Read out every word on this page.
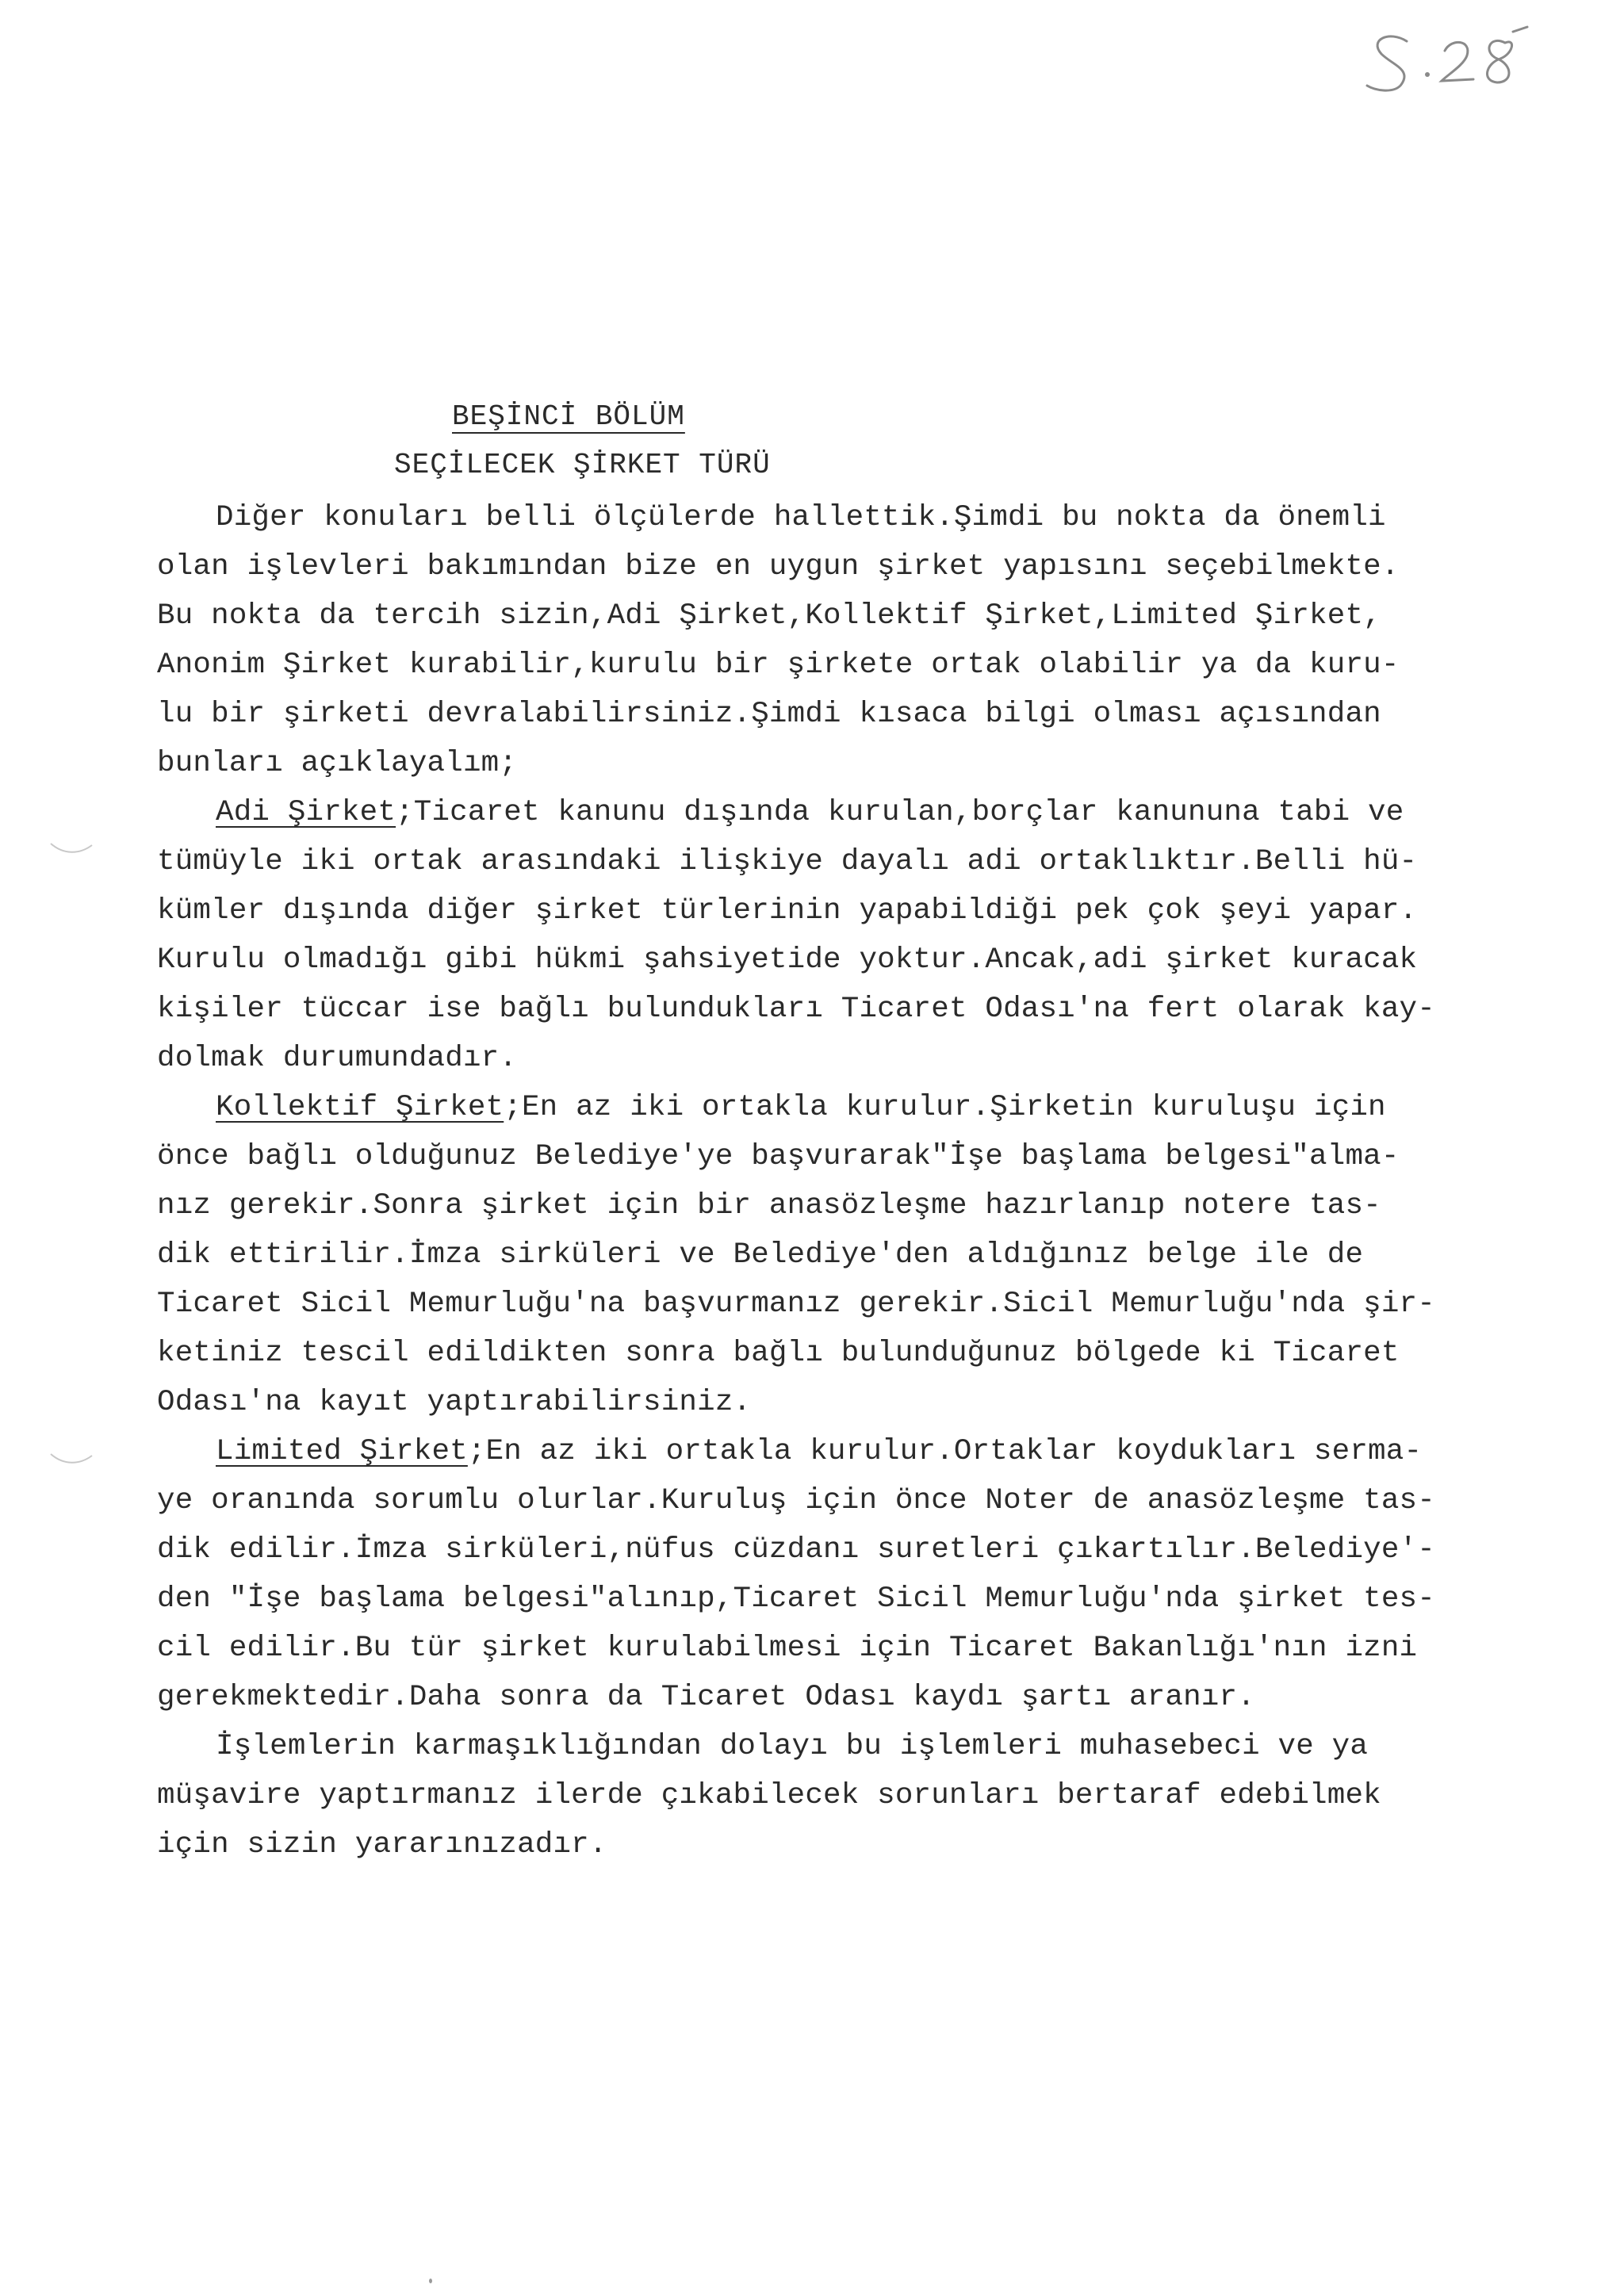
BEŞİNCİ BÖLÜM
SEÇİLECEK ŞİRKET TÜRÜ
Diğer konuları belli ölçülerde hallettik.Şimdi bu nokta da önemli
olan işlevleri bakımından bize en uygun şirket yapısını seçebilmekte.
Bu nokta da tercih sizin,Adi Şirket,Kollektif Şirket,Limited Şirket,
Anonim Şirket kurabilir,kurulu bir şirkete ortak olabilir ya da kuru-
lu bir şirketi devralabilirsiniz.Şimdi kısaca bilgi olması açısından
bunları açıklayalım;
Adi Şirket;Ticaret kanunu dışında kurulan,borçlar kanununa tabi ve
tümüyle iki ortak arasındaki ilişkiye dayalı adi ortaklıktır.Belli hü-
kümler dışında diğer şirket türlerinin yapabildiği pek çok şeyi yapar.
Kurulu olmadığı gibi hükmi şahsiyetide yoktur.Ancak,adi şirket kuracak
kişiler tüccar ise bağlı bulundukları Ticaret Odası'na fert olarak kay-
dolmak durumundadır.
Kollektif Şirket;En az iki ortakla kurulur.Şirketin kuruluşu için
önce bağlı olduğunuz Belediye'ye başvurarak"İşe başlama belgesi"alma-
nız gerekir.Sonra şirket için bir anasözleşme hazırlanıp notere tas-
dik ettirilir.İmza sirküleri ve Belediye'den aldığınız belge ile de
Ticaret Sicil Memurluğu'na başvurmanız gerekir.Sicil Memurluğu'nda şir-
ketiniz tescil edildikten sonra bağlı bulunduğunuz bölgede ki Ticaret
Odası'na kayıt yaptırabilirsiniz.
Limited Şirket;En az iki ortakla kurulur.Ortaklar koydukları serma-
ye oranında sorumlu olurlar.Kuruluş için önce Noter de anasözleşme tas-
dik edilir.İmza sirküleri,nüfus cüzdanı suretleri çıkartılır.Belediye'-
den "İşe başlama belgesi"alınıp,Ticaret Sicil Memurluğu'nda şirket tes-
cil edilir.Bu tür şirket kurulabilmesi için Ticaret Bakanlığı'nın izni
gerekmektedir.Daha sonra da Ticaret Odası kaydı şartı aranır.
İşlemlerin karmaşıklığından dolayı bu işlemleri muhasebeci ve ya
müşavire yaptırmanız ilerde çıkabilecek sorunları bertaraf edebilmek
için sizin yararınızadır.
